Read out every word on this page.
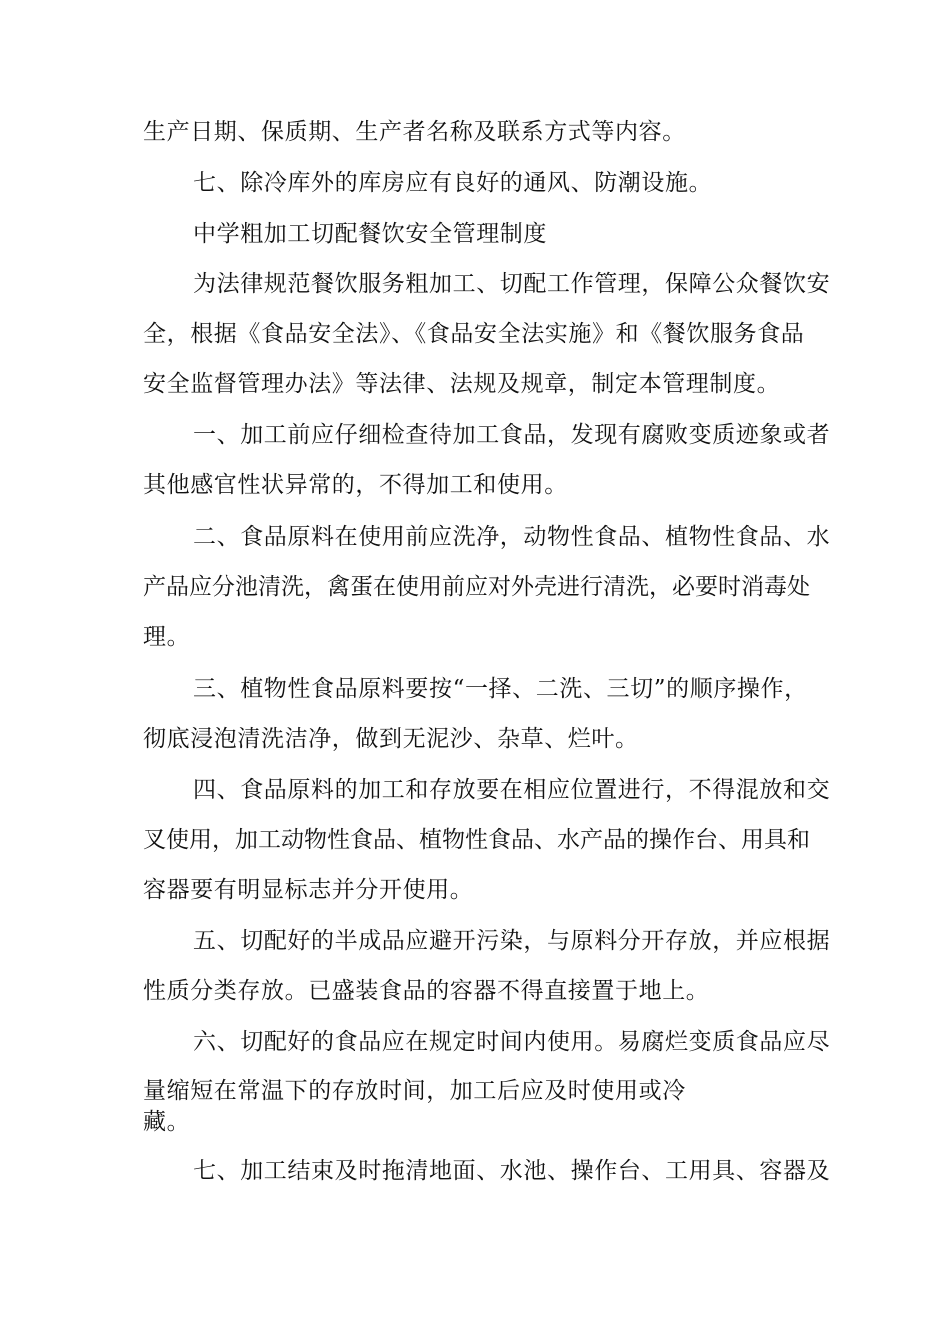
生产日期、保质期、生产者名称及联系方式等内容。
七、除冷库外的库房应有良好的通风、防潮设施。
中学粗加工切配餐饮安全管理制度
为法律规范餐饮服务粗加工、切配工作管理，保障公众餐饮安
全，根据《食品安全法》、《食品安全法实施》和《餐饮服务食品
安全监督管理办法》等法律、法规及规章，制定本管理制度。
一、加工前应仔细检查待加工食品，发现有腐败变质迹象或者
其他感官性状异常的，不得加工和使用。
二、食品原料在使用前应洗净，动物性食品、植物性食品、水
产品应分池清洗，禽蛋在使用前应对外壳进行清洗，必要时消毒处
理。
三、植物性食品原料要按“一择、二洗、三切”的顺序操作，
彻底浸泡清洗洁净，做到无泥沙、杂草、烂叶。
四、食品原料的加工和存放要在相应位置进行，不得混放和交
叉使用，加工动物性食品、植物性食品、水产品的操作台、用具和
容器要有明显标志并分开使用。
五、切配好的半成品应避开污染，与原料分开存放，并应根据
性质分类存放。已盛装食品的容器不得直接置于地上。
六、切配好的食品应在规定时间内使用。易腐烂变质食品应尽
量缩短在常温下的存放时间，加工后应及时使用或冷
藏。
七、加工结束及时拖清地面、水池、操作台、工用具、容器及
